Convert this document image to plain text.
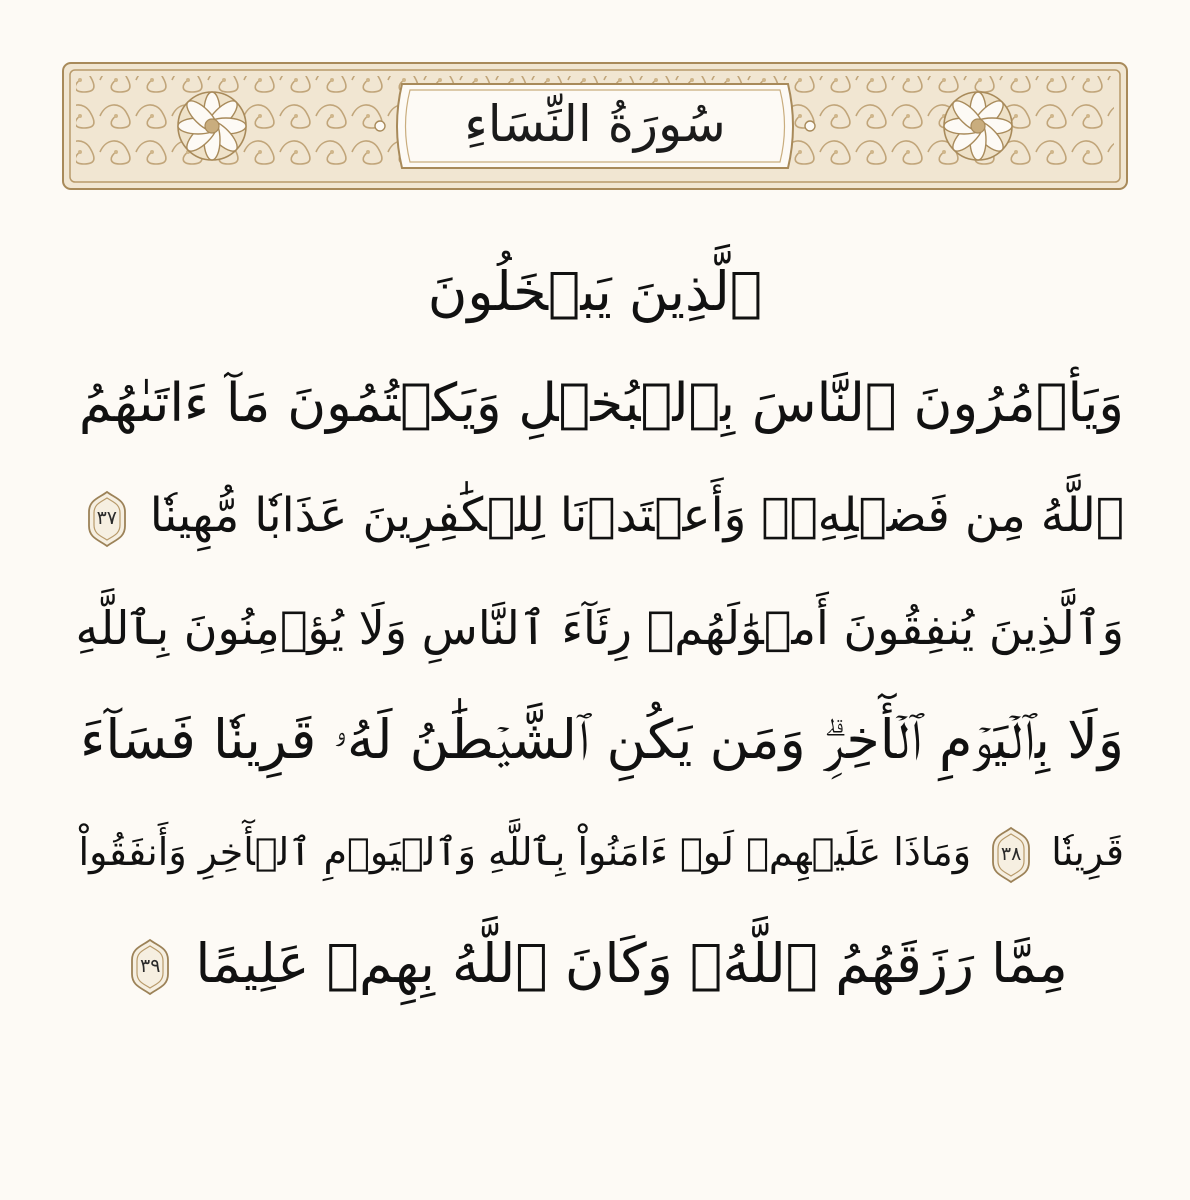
سُورَةُ النِّسَاءِ
ٱلَّذِينَ يَبۡخَلُونَ
وَيَأۡمُرُونَ ٱلنَّاسَ بِٱلۡبُخۡلِ وَيَكۡتُمُونَ مَآ ءَاتَىٰهُمُ
ٱللَّهُ مِن فَضۡلِهِۦۗ وَأَعۡتَدۡنَا لِلۡكَٰفِرِينَ عَذَابٗا مُّهِينٗا
٣٧
وَٱلَّذِينَ يُنفِقُونَ أَمۡوَٰلَهُمۡ رِئَآءَ ٱلنَّاسِ وَلَا يُؤۡمِنُونَ بِٱللَّهِ
وَلَا بِٱلۡيَوۡمِ ٱلۡأٓخِرِۗ وَمَن يَكُنِ ٱلشَّيۡطَٰنُ لَهُۥ قَرِينٗا فَسَآءَ
قَرِينٗا
٣٨
وَمَاذَا عَلَيۡهِمۡ لَوۡ ءَامَنُواْ بِٱللَّهِ وَٱلۡيَوۡمِ ٱلۡأٓخِرِ وَأَنفَقُواْ
مِمَّا رَزَقَهُمُ ٱللَّهُۚ وَكَانَ ٱللَّهُ بِهِمۡ عَلِيمًا
٣٩
